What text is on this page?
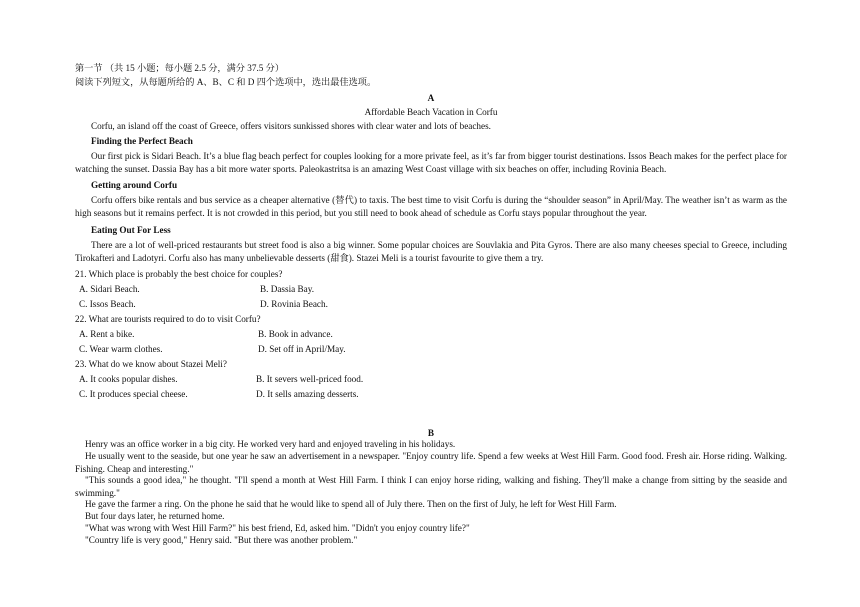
第一节 （共 15 小题；每小题 2.5 分，满分 37.5 分）
阅读下列短文，从每题所给的 A、B、C 和 D 四个选项中，选出最佳选项。
A
Affordable Beach Vacation in Corfu
Corfu, an island off the coast of Greece, offers visitors sunkissed shores with clear water and lots of beaches.
Finding the Perfect Beach
Our first pick is Sidari Beach. It’s a blue flag beach perfect for couples looking for a more private feel, as it’s far from bigger tourist destinations. Issos Beach makes for the perfect place for watching the sunset. Dassia Bay has a bit more water sports. Paleokastritsa is an amazing West Coast village with six beaches on offer, including Rovinia Beach.
Getting around Corfu
Corfu offers bike rentals and bus service as a cheaper alternative (替代) to taxis. The best time to visit Corfu is during the “shoulder season” in April/May. The weather isn’t as warm as the high seasons but it remains perfect. It is not crowded in this period, but you still need to book ahead of schedule as Corfu stays popular throughout the year.
Eating Out For Less
There are a lot of well-priced restaurants but street food is also a big winner. Some popular choices are Souvlakia and Pita Gyros. There are also many cheeses special to Greece, including Tirokafteri and Ladotyri. Corfu also has many unbelievable desserts (甜食). Stazei Meli is a tourist favourite to give them a try.
21. Which place is probably the best choice for couples?
A. Sidari Beach.	B. Dassia Bay.
C. Issos Beach.	D. Rovinia Beach.
22. What are tourists required to do to visit Corfu?
A. Rent a bike.	B. Book in advance.
C. Wear warm clothes.	D. Set off in April/May.
23. What do we know about Stazei Meli?
A. It cooks popular dishes.	B. It severs well-priced food.
C. It produces special cheese.	D. It sells amazing desserts.
B
Henry was an office worker in a big city. He worked very hard and enjoyed traveling in his holidays.
He usually went to the seaside, but one year he saw an advertisement in a newspaper. "Enjoy country life. Spend a few weeks at West Hill Farm. Good food. Fresh air. Horse riding. Walking. Fishing. Cheap and interesting."
"This sounds a good idea," he thought. "I'll spend a month at West Hill Farm. I think I can enjoy horse riding, walking and fishing. They'll make a change from sitting by the seaside and swimming."
He gave the farmer a ring. On the phone he said that he would like to spend all of July there. Then on the first of July, he left for West Hill Farm.
But four days later, he returned home.
"What was wrong with West Hill Farm?" his best friend, Ed, asked him. "Didn't you enjoy country life?"
"Country life is very good," Henry said. "But there was another problem."
